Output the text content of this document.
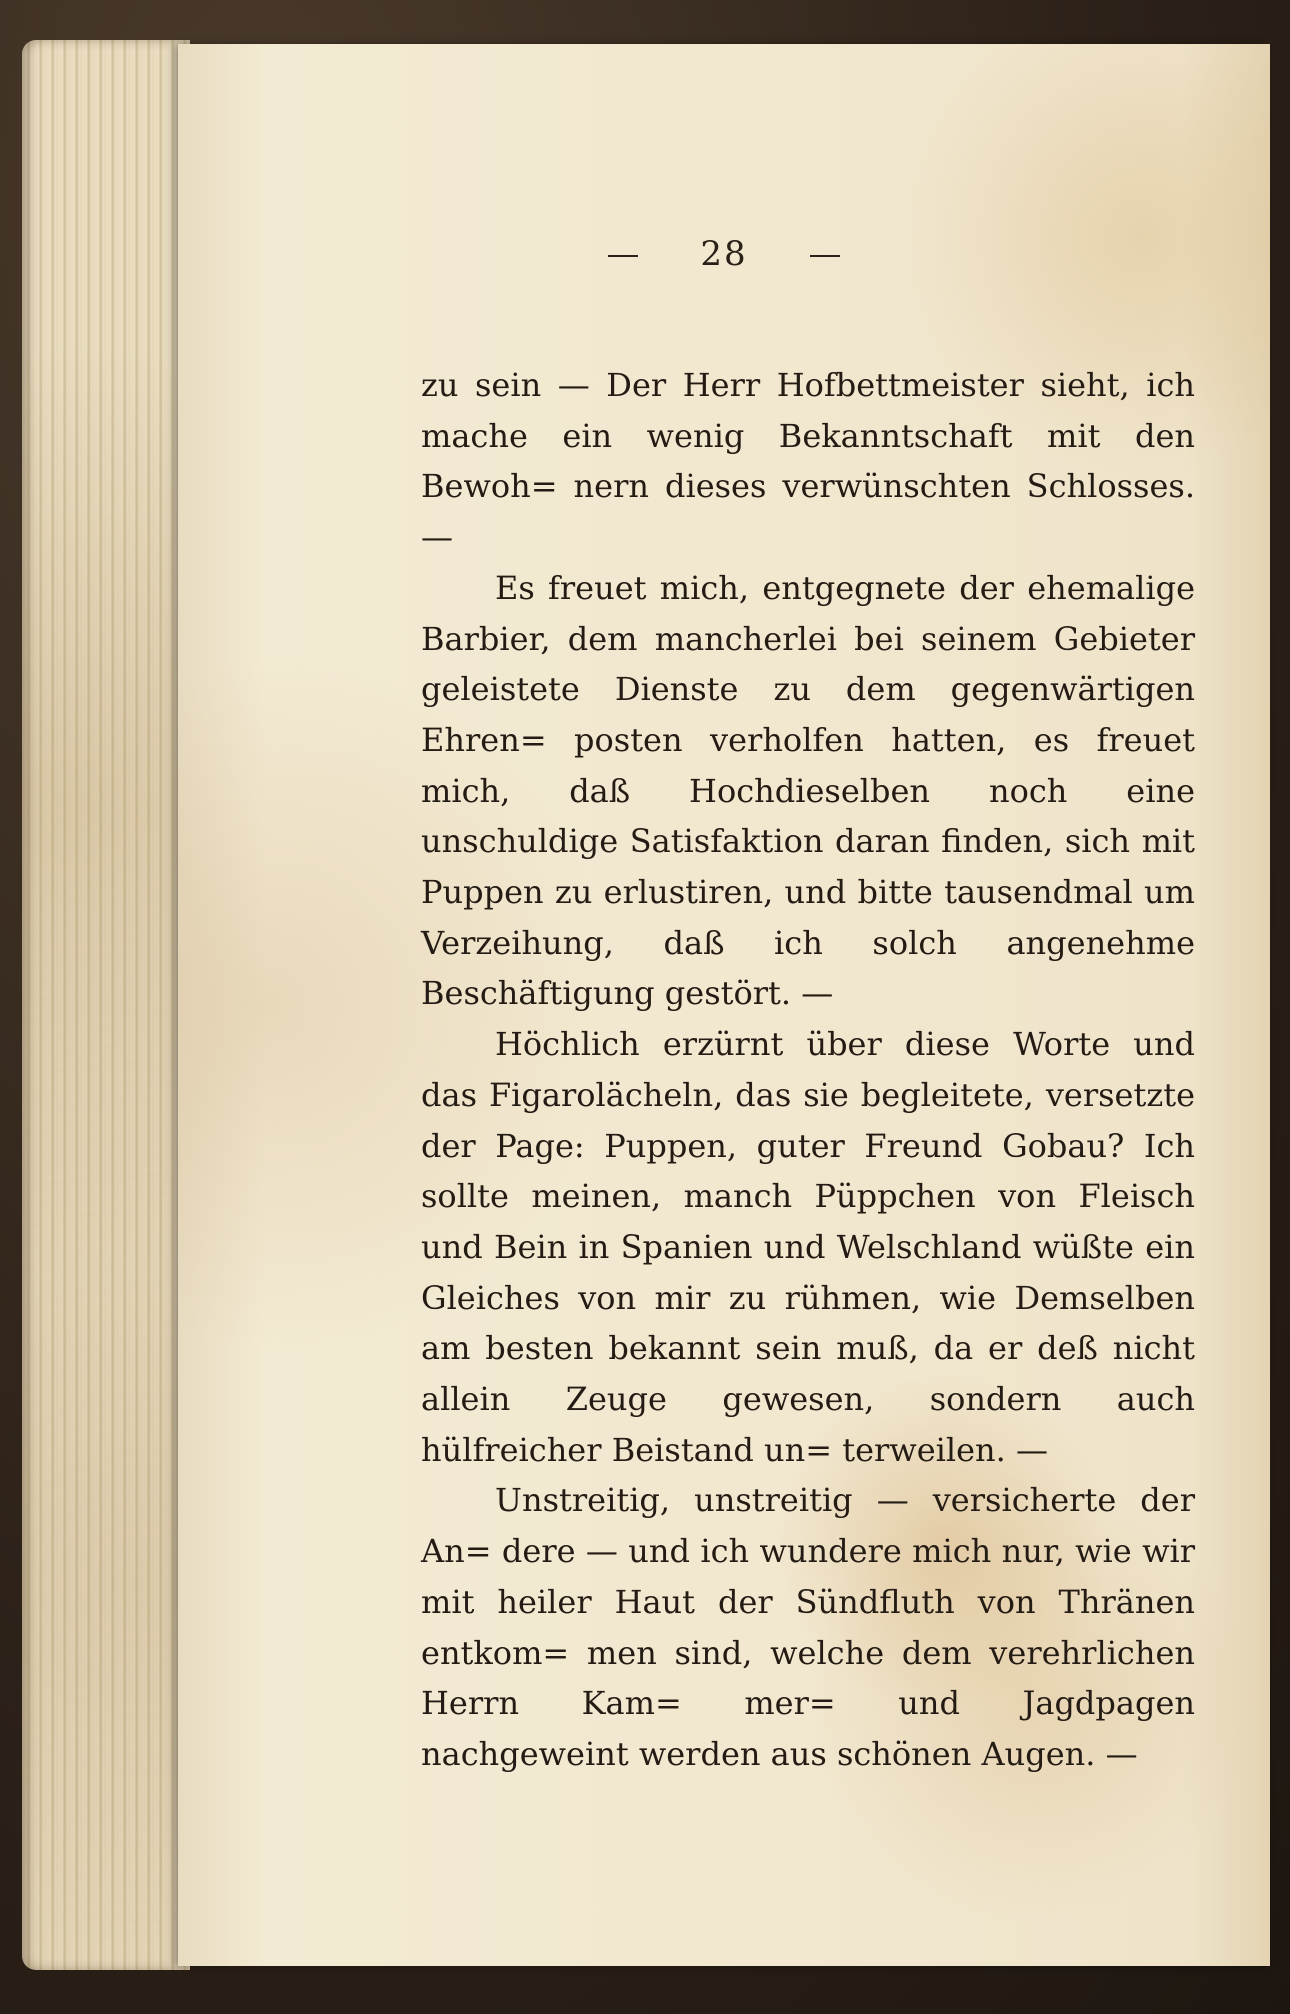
28

zu sein — Der Herr Hofbettmeister sieht, ich mache ein wenig Bekanntschaft mit den Bewoh= nern dieses verwünschten Schlosses. —

Es freuet mich, entgegnete der ehemalige Barbier, dem mancherlei bei seinem Gebieter geleistete Dienste zu dem gegenwärtigen Ehren= posten verholfen hatten, es freuet mich, daß Hochdieselben noch eine unschuldige Satisfaktion daran finden, sich mit Puppen zu erlustiren, und bitte tausendmal um Verzeihung, daß ich solch angenehme Beschäftigung gestört. —

Höchlich erzürnt über diese Worte und das Figarolächeln, das sie begleitete, versetzte der Page: Puppen, guter Freund Gobau? Ich sollte meinen, manch Püppchen von Fleisch und Bein in Spanien und Welschland wüßte ein Gleiches von mir zu rühmen, wie Demselben am besten bekannt sein muß, da er deß nicht allein Zeuge gewesen, sondern auch hülfreicher Beistand un= terweilen. —

Unstreitig, unstreitig — versicherte der An= dere — und ich wundere mich nur, wie wir mit heiler Haut der Sündfluth von Thränen entkom= men sind, welche dem verehrlichen Herrn Kam= mer= und Jagdpagen nachgeweint werden aus schönen Augen. —
